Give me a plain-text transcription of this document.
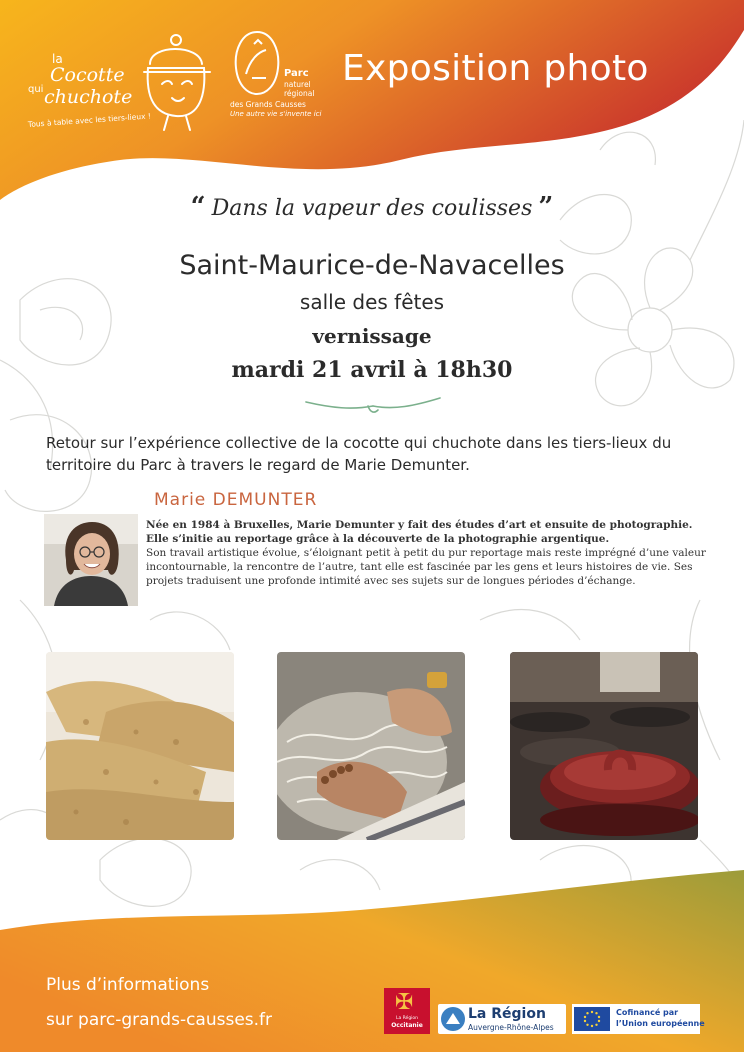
la
Cocotte
qui chuchote
Tous à table avec les tiers-lieux !
Parc
naturel régional
des Grands Causses
Une autre vie s'invente ici
Exposition photo
“ Dans la vapeur des coulisses ”
Saint-Maurice-de-Navacelles
salle des fêtes
vernissage
mardi 21 avril à 18h30
Retour sur l’expérience collective de la cocotte qui chuchote dans les tiers-lieux du territoire du Parc à travers le regard de Marie Demunter.
Marie DEMUNTER

Née en 1984 à Bruxelles, Marie Demunter y fait des études d’art et ensuite de photographie. Elle s’initie au reportage grâce à la découverte de la photographie argentique.

Son travail artistique évolue, s’éloignant petit à petit du pur reportage mais reste imprégné d’une valeur incontournable, la rencontre de l’autre, tant elle est fascinée par les gens et leurs histoires de vie. Ses projets traduisent une profonde intimité avec ses sujets sur de longues périodes d’échange.

Plus d’informations
sur parc-grands-causses.fr
✠
La Région
Occitanie
La Région
Auvergne-Rhône-Alpes
Cofinancé par
l’Union européenne
